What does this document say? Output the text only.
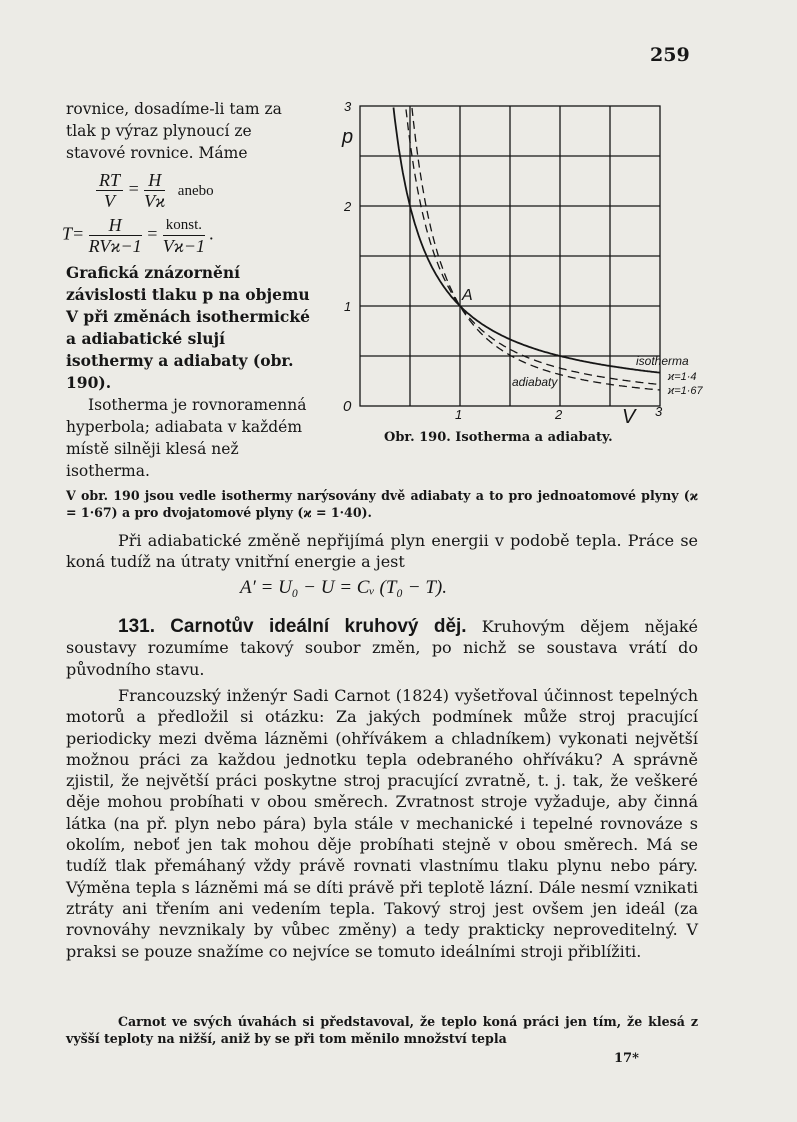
259

rovnice, dosadíme-li tam za tlak p výraz plynoucí ze stavové rovnice. Máme

$\frac{RT}{V} = \frac{H}{Vϰ}$ anebo
$T= \frac{H}{\text{RVϰ−1}} = \frac{\text{konst.}}{Vϰ-1}$ .

Grafická znázornění závislosti tlaku p na objemu V při změnách isothermické a adiabatické slují isothermy a adiabaty (obr. 190).

Isotherma je rovnoramenná hyperbola; adiabata v každém místě silněji klesá než isotherma.

p
0
1
2
3
1	2	3
V
A
isotherma
adiabaty	ϰ=1·4
ϰ=1·67
Obr. 190. Isotherma a adiabaty.
V obr. 190 jsou vedle isothermy narýsovány dvě adiabaty a to pro jednoatomové plyny (ϰ = 1·67) a pro dvojatomové plyny (ϰ = 1·40).
Při adiabatické změně nepřijímá plyn energii v podobě tepla. Práce se koná tudíž na útraty vnitřní energie a jest
A′ = U₀ − U = Cᵥ (T₀ − T).
131. Carnotův ideální kruhový děj. Kruhovým dějem nějaké soustavy rozumíme takový soubor změn, po nichž se soustava vrátí do původního stavu.
Francouzský inženýr Sadi Carnot (1824) vyšetřoval účinnost tepelných motorů a předložil si otázku: Za jakých podmínek může stroj pracující periodicky mezi dvěma lázněmi (ohřívákem a chladníkem) vykonati největší možnou práci za každou jednotku tepla odebraného ohříváku? A správně zjistil, že největší práci poskytne stroj pracující zvratně, t. j. tak, že veškeré děje mohou probíhati v obou směrech. Zvratnost stroje vyžaduje, aby činná látka (na př. plyn nebo pára) byla stále v mechanické i tepelné rovnováze s okolím, neboť jen tak mohou děje probíhati stejně v obou směrech. Má se tudíž tlak přemáhaný vždy právě rovnati vlastnímu tlaku plynu nebo páry. Výměna tepla s lázněmi má se díti právě při teplotě lázní. Dále nesmí vznikati ztráty ani třením ani vedením tepla. Takový stroj jest ovšem jen ideál (za rovnováhy nevznikaly by vůbec změny) a tedy prakticky neproveditelný. V praksi se pouze snažíme co nejvíce se tomuto ideálními stroji přiblížiti.
Carnot ve svých úvahách si představoval, že teplo koná práci jen tím, že klesá z vyšší teploty na nižší, aniž by se při tom měnilo množství tepla
17*
